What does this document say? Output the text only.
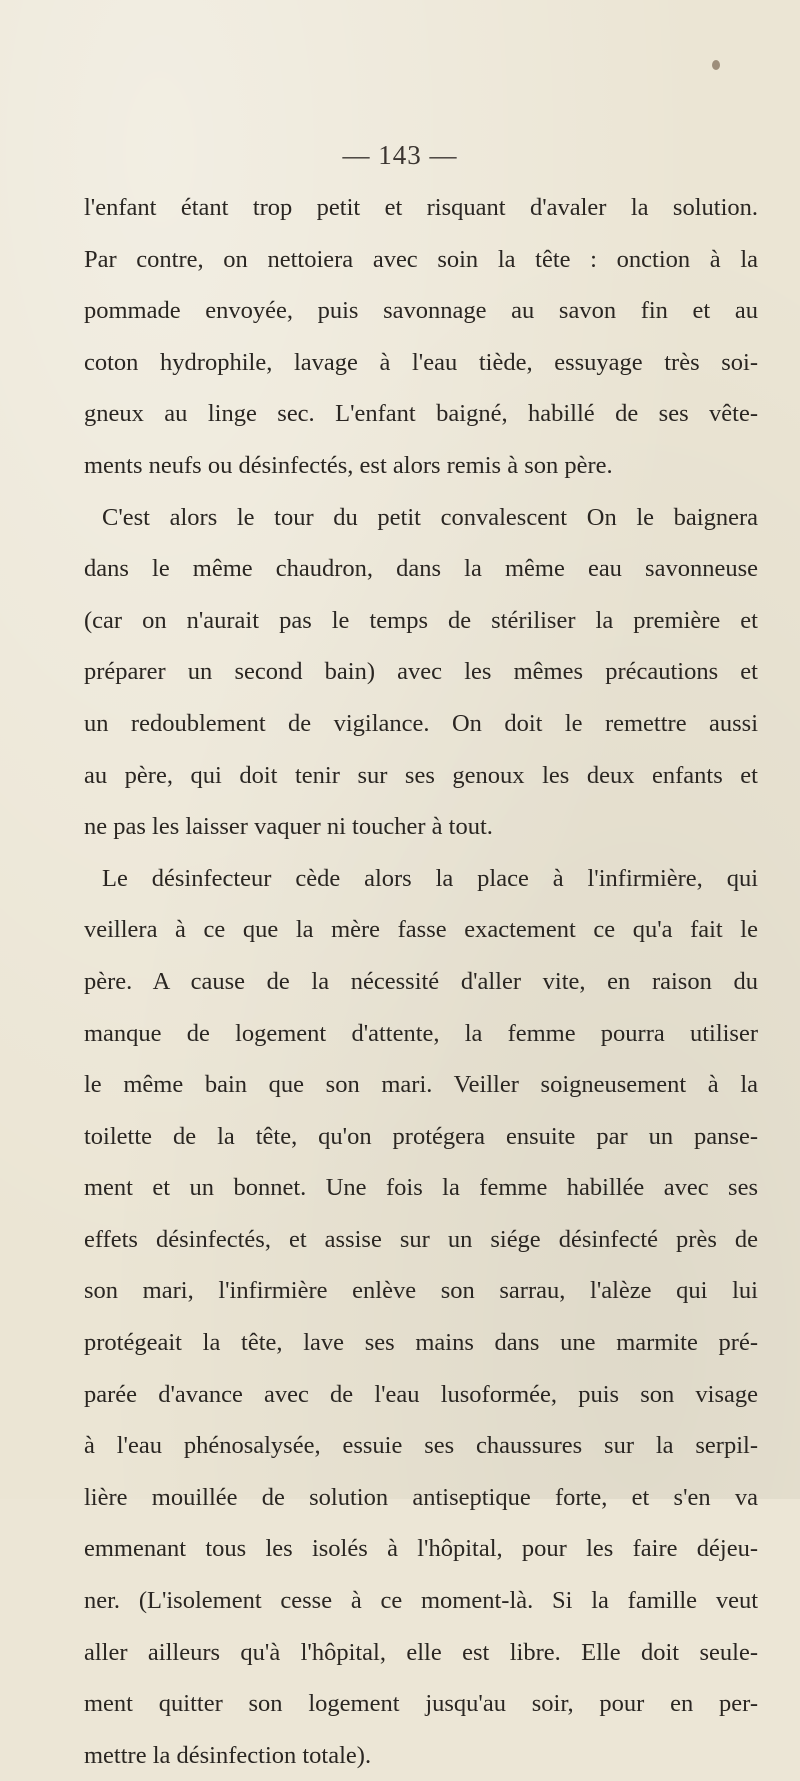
— 143 —
l'enfant étant trop petit et risquant d'avaler la solution.
Par contre, on nettoiera avec soin la tête : onction à la
pommade envoyée, puis savonnage au savon fin et au
coton hydrophile, lavage à l'eau tiède, essuyage très soi-
gneux au linge sec. L'enfant baigné, habillé de ses vête-
ments neufs ou désinfectés, est alors remis à son père.
C'est alors le tour du petit convalescent On le baignera
dans le même chaudron, dans la même eau savonneuse
(car on n'aurait pas le temps de stériliser la première et
préparer un second bain) avec les mêmes précautions et
un redoublement de vigilance. On doit le remettre aussi
au père, qui doit tenir sur ses genoux les deux enfants et
ne pas les laisser vaquer ni toucher à tout.
Le désinfecteur cède alors la place à l'infirmière, qui
veillera à ce que la mère fasse exactement ce qu'a fait le
père. A cause de la nécessité d'aller vite, en raison du
manque de logement d'attente, la femme pourra utiliser
le même bain que son mari. Veiller soigneusement à la
toilette de la tête, qu'on protégera ensuite par un panse-
ment et un bonnet. Une fois la femme habillée avec ses
effets désinfectés, et assise sur un siége désinfecté près de
son mari, l'infirmière enlève son sarrau, l'alèze qui lui
protégeait la tête, lave ses mains dans une marmite pré-
parée d'avance avec de l'eau lusoformée, puis son visage
à l'eau phénosalysée, essuie ses chaussures sur la serpil-
lière mouillée de solution antiseptique forte, et s'en va
emmenant tous les isolés à l'hôpital, pour les faire déjeu-
ner. (L'isolement cesse à ce moment-là. Si la famille veut
aller ailleurs qu'à l'hôpital, elle est libre. Elle doit seule-
ment quitter son logement jusqu'au soir, pour en per-
mettre la désinfection totale).
